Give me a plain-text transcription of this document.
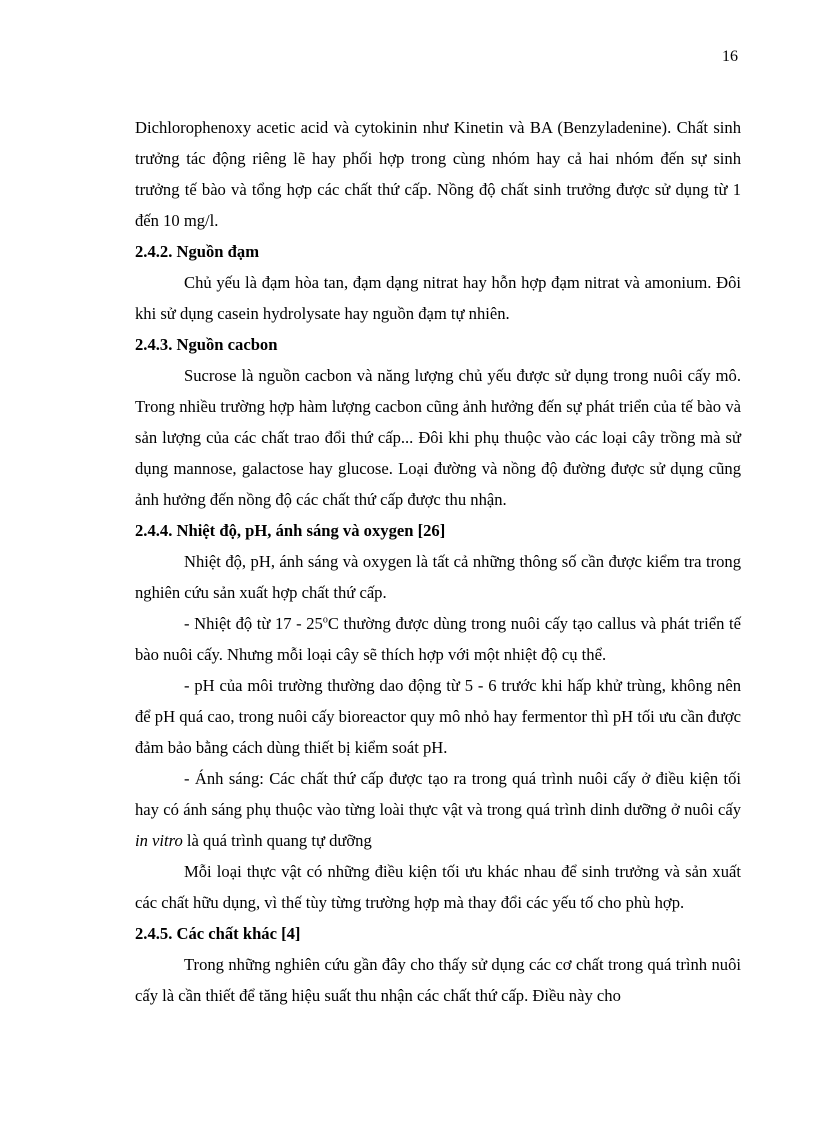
16

Dichlorophenoxy acetic acid và cytokinin như Kinetin và BA (Benzyladenine). Chất sinh trưởng tác động riêng lẽ hay phối hợp trong cùng nhóm hay cả hai nhóm đến sự sinh trưởng tế bào và tổng hợp các chất thứ cấp. Nồng độ chất sinh trưởng được sử dụng từ 1 đến 10 mg/l.

2.4.2. Nguồn đạm

Chủ yếu là đạm hòa tan, đạm dạng nitrat hay hỗn hợp đạm nitrat và amonium. Đôi khi sử dụng casein hydrolysate hay nguồn đạm tự nhiên.

2.4.3. Nguồn cacbon

Sucrose là nguồn cacbon và năng lượng chủ yếu được sử dụng trong nuôi cấy mô. Trong nhiều trường hợp hàm lượng cacbon cũng ảnh hưởng đến sự phát triển của tế bào và sản lượng của các chất trao đổi thứ cấp... Đôi khi phụ thuộc vào các loại cây trồng mà sử dụng mannose, galactose hay glucose. Loại đường và nồng độ đường được sử dụng cũng ảnh hưởng đến nồng độ các chất thứ cấp được thu nhận.

2.4.4. Nhiệt độ, pH, ánh sáng và oxygen [26]

Nhiệt độ, pH, ánh sáng và oxygen là tất cả những thông số cần được kiểm tra trong nghiên cứu sản xuất hợp chất thứ cấp.

- Nhiệt độ từ 17 - 25$^o$C thường được dùng trong nuôi cấy tạo callus và phát triển tế bào nuôi cấy. Nhưng mỗi loại cây sẽ thích hợp với một nhiệt độ cụ thể.

- pH của môi trường thường dao động từ 5 - 6 trước khi hấp khử trùng, không nên để pH quá cao, trong nuôi cấy bioreactor quy mô nhỏ hay fermentor thì pH tối ưu cần được đảm bảo bằng cách dùng thiết bị kiểm soát pH.

- Ánh sáng: Các chất thứ cấp được tạo ra trong quá trình nuôi cấy ở điều kiện tối hay có ánh sáng phụ thuộc vào từng loài thực vật và trong quá trình dinh dưỡng ở nuôi cấy in vitro là quá trình quang tự dưỡng

Mỗi loại thực vật có những điều kiện tối ưu khác nhau để sinh trưởng và sản xuất các chất hữu dụng, vì thế tùy từng trường hợp mà thay đổi các yếu tố cho phù hợp.

2.4.5. Các chất khác [4]

Trong những nghiên cứu gần đây cho thấy sử dụng các cơ chất trong quá trình nuôi cấy là cần thiết để tăng hiệu suất thu nhận các chất thứ cấp. Điều này cho
